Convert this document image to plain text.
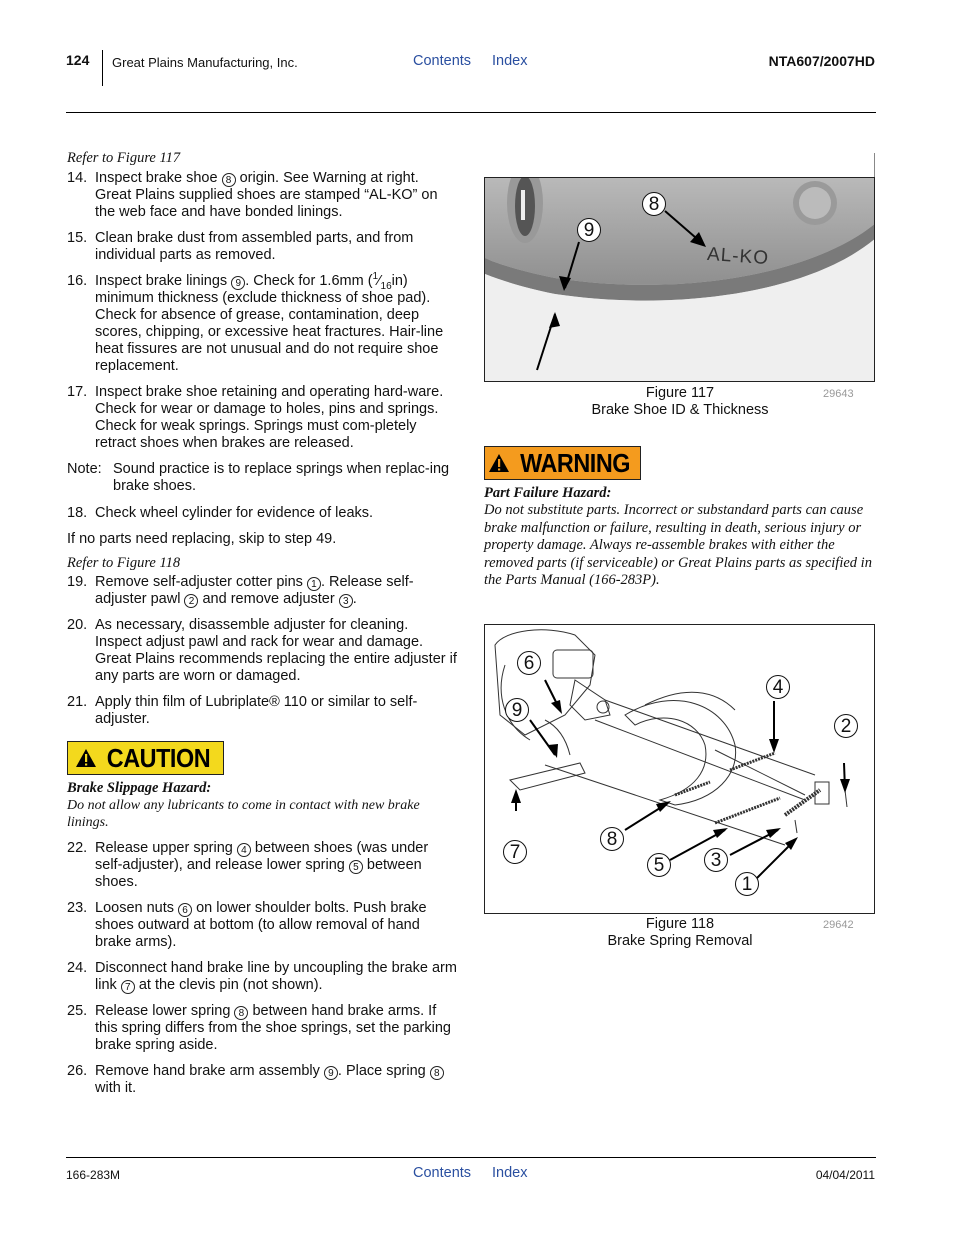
124 Great Plains Manufacturing, Inc.	Contents Index	NTA607/2007HD
Refer to Figure 117
14. Inspect brake shoe 8 origin. See Warning at right. Great Plains supplied shoes are stamped “AL-KO” on the web face and have bonded linings.
15. Clean brake dust from assembled parts, and from individual parts as removed.
16. Inspect brake linings 9 . Check for 1.6mm $(^1⁄_{16}in)$ minimum thickness (exclude thickness of shoe pad). Check for absence of grease, contamination, deep scores, chipping, or excessive heat fractures. Hair-line heat fissures are not unusual and do not require shoe replacement.
17. Inspect brake shoe retaining and operating hard-ware. Check for wear or damage to holes, pins and springs. Check for weak springs. Springs must com-pletely retract shoes when brakes are released.
Note: Sound practice is to replace springs when replac-ing brake shoes.
18. Check wheel cylinder for evidence of leaks.
If no parts need replacing, skip to step 49.
Refer to Figure 118
19. Remove self-adjuster cotter pins 1 . Release self-adjuster pawl 2 and remove adjuster 3 .
20. As necessary, disassemble adjuster for cleaning. Inspect adjust pawl and rack for wear and damage. Great Plains recommends replacing the entire adjuster if any parts are worn or damaged.
21. Apply thin film of Lubriplate® 110 or similar to self-adjuster.
CAUTION
Brake Slippage Hazard:
Do not allow any lubricants to come in contact with new brake linings.
22. Release upper spring 4 between shoes (was under self-adjuster), and release lower spring 5 between shoes.
23. Loosen nuts 6 on lower shoulder bolts. Push brake shoes outward at bottom (to allow removal of hand brake arms).
24. Disconnect hand brake line by uncoupling the brake arm link 7 at the clevis pin (not shown).
25. Release lower spring 8 between hand brake arms. If this spring differs from the shoe springs, set the parking brake spring aside.
26. Remove hand brake arm assembly 9 . Place spring 8 with it.
AL-KO
8
9
Figure 117
Brake Shoe ID & Thickness
29643
WARNING
Part Failure Hazard:
Do not substitute parts. Incorrect or substandard parts can cause brake malfunction or failure, resulting in death, serious injury or property damage. Always re-assemble brakes with either the removed parts (if serviceable) or Great Plains parts as specified in the Parts Manual (166-283P).
6
9
4
2
7
8
5	3
1
Figure 118
Brake Spring Removal
29642
166-283M	Contents Index	04/04/2011
